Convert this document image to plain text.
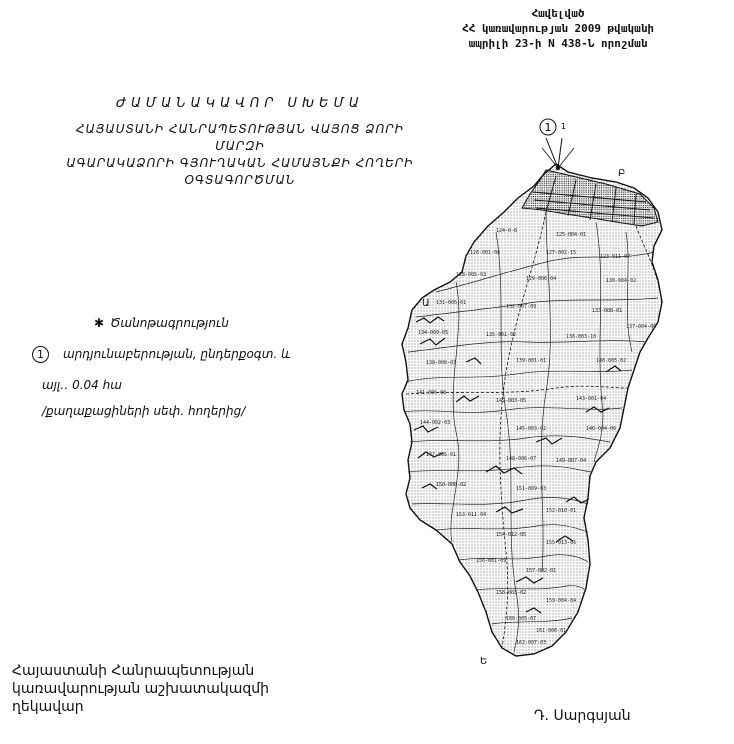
Հավելված
ՀՀ կառավարության 2009 թվականի
ապրիլի 23-ի N 438-Ն որոշման
ԺԱՄԱՆԱԿԱՎՈՐ ՍԽԵՄԱ
ՀԱՅԱՍՏԱՆԻ ՀԱՆՐԱՊԵՏՈՒԹՅԱՆ ՎԱՅՈՑ ՁՈՐԻ ՄԱՐԶԻ
ԱԳԱՐԱԿԱՁՈՐԻ ԳՅՈՒՂԱԿԱՆ ՀԱՄԱՅՆՔԻ ՀՈՂԵՐԻ
ՕԳՏԱԳՈՐԾՄԱՆ
✱ Ծանոթագրություն
1 արդյունաբերության, ընդերքօգտ. և
այլ․․ 0.04 հա
/քաղաքացիների սեփ. հողերից/
1 1
124-0-8
125-004-01
126-001-08	127-002-15
123-011-07
128-005-03
129-006-04	130-004-02
131-005-01
132-007-09
133-008-01
134-009-05	135-001-02	136-003-10
137-004-06
138-008-03	139-001-01	140-005-02
141-006-08
142-003-05	143-001-04
144-002-03
145-003-02	146-004-06
147-005-01
148-006-07	149-007-04
150-008-02
151-009-03
152-010-01
153-011-04
154-012-05
155-013-06
156-001-09
157-002-01
158-003-02
159-004-04
160-005-07
161-006-01
162-007-03
Բ
Ա
Ե
Հայաստանի Հանրապետության
կառավարության աշխատակազմի
ղեկավար
Դ. Սարգսյան
